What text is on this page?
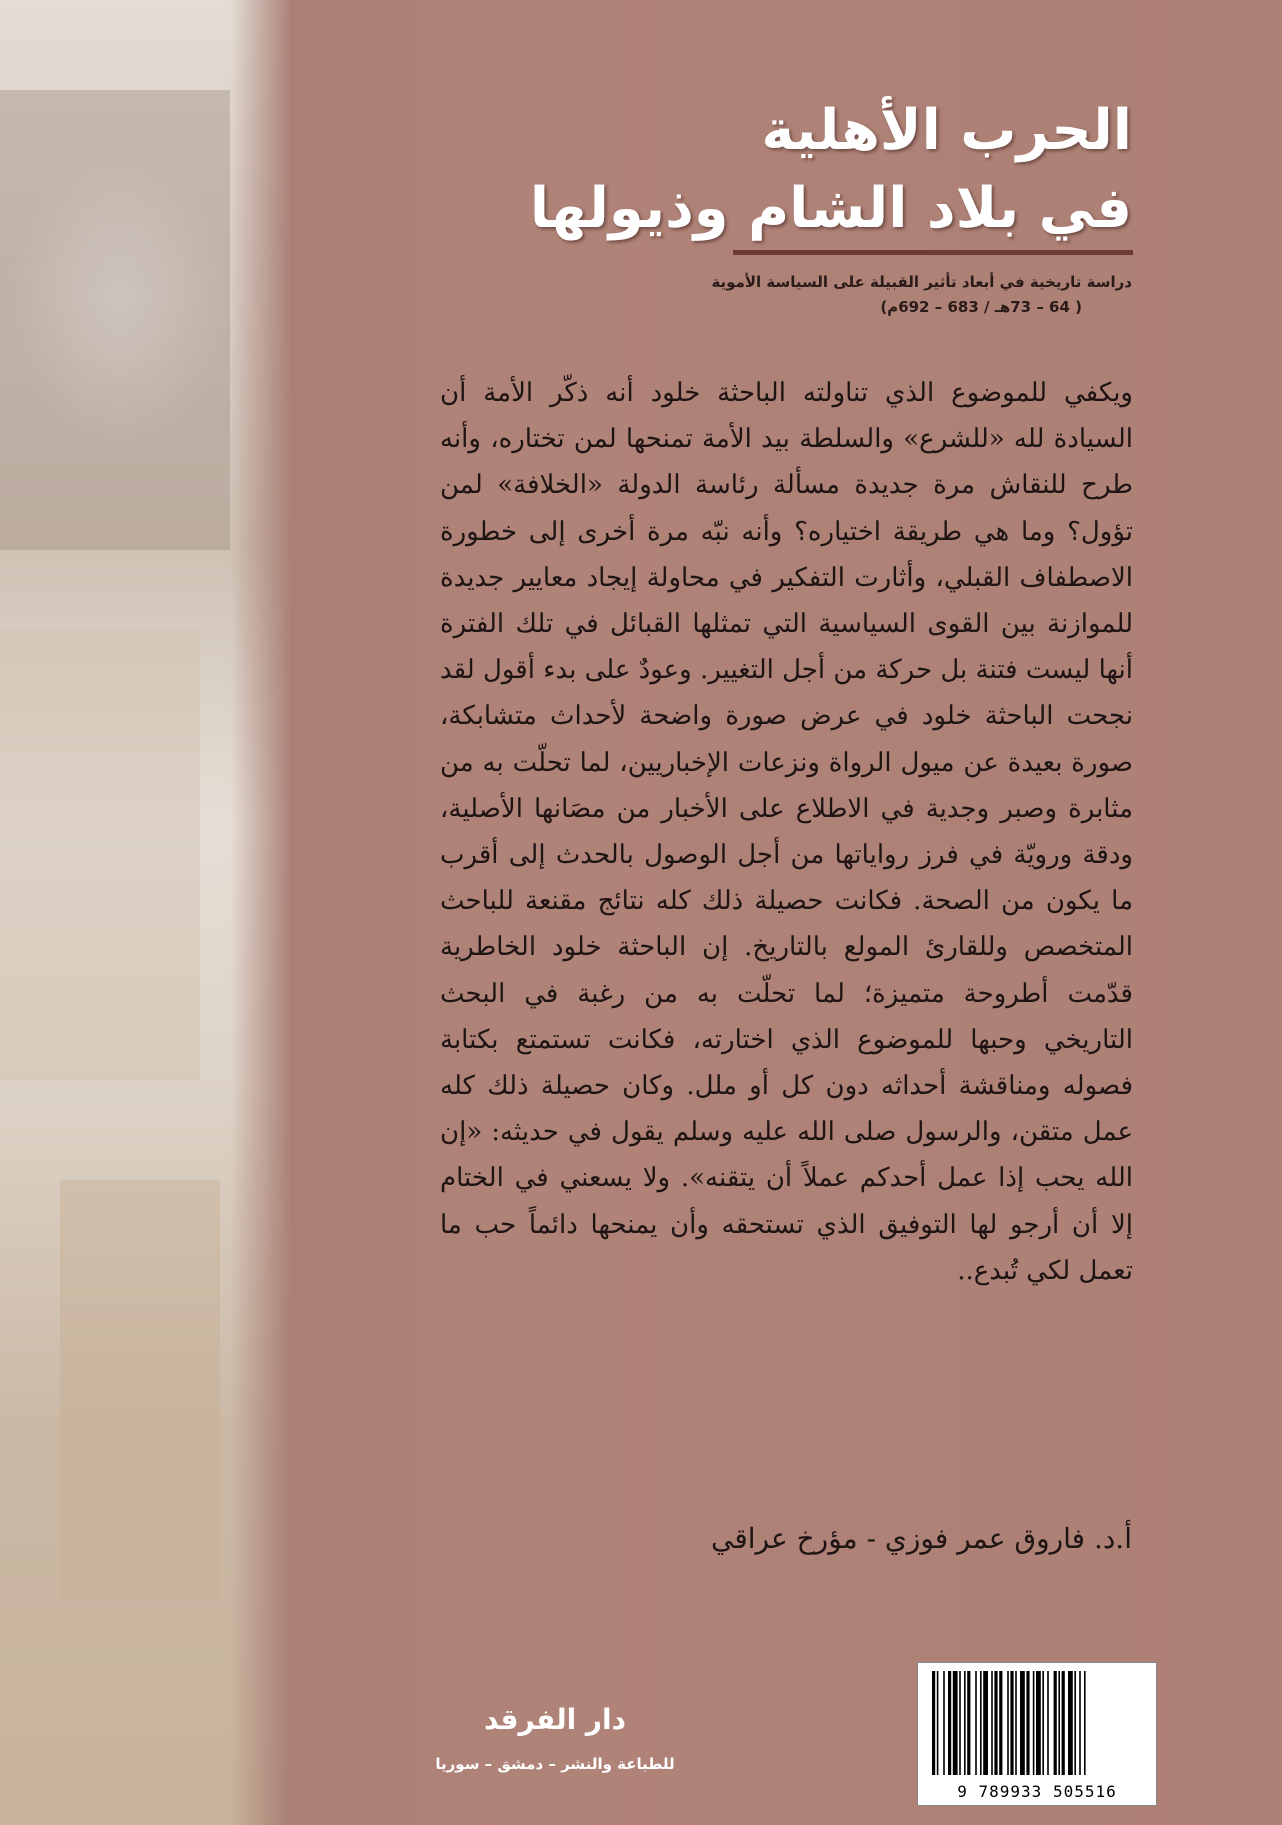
الحرب الأهلية
في بلاد الشام وذيولها
دراسة تاريخية في أبعاد تأثير القبيلة على السياسة الأموية
( 64 – 73هـ / 683 – 692م)
ويكفي للموضوع الذي تناولته الباحثة خلود أنه ذكّر الأمة أن السيادة لله «للشرع» والسلطة بيد الأمة تمنحها لمن تختاره، وأنه طرح للنقاش مرة جديدة مسألة رئاسة الدولة «الخلافة» لمن تؤول؟ وما هي طريقة اختياره؟ وأنه نبّه مرة أخرى إلى خطورة الاصطفاف القبلي، وأثارت التفكير في محاولة إيجاد معايير جديدة للموازنة بين القوى السياسية التي تمثلها القبائل في تلك الفترة أنها ليست فتنة بل حركة من أجل التغيير. وعودٌ على بدء أقول لقد نجحت الباحثة خلود في عرض صورة واضحة لأحداث متشابكة، صورة بعيدة عن ميول الرواة ونزعات الإخباريين، لما تحلّت به من مثابرة وصبر وجدية في الاطلاع على الأخبار من مصَانها الأصلية، ودقة ورويّة في فرز رواياتها من أجل الوصول بالحدث إلى أقرب ما يكون من الصحة. فكانت حصيلة ذلك كله نتائج مقنعة للباحث المتخصص وللقارئ المولع بالتاريخ. إن الباحثة خلود الخاطرية قدّمت أطروحة متميزة؛ لما تحلّت به من رغبة في البحث التاريخي وحبها للموضوع الذي اختارته، فكانت تستمتع بكتابة فصوله ومناقشة أحداثه دون كل أو ملل. وكان حصيلة ذلك كله عمل متقن، والرسول صلى الله عليه وسلم يقول في حديثه: «إن الله يحب إذا عمل أحدكم عملاً أن يتقنه». ولا يسعني في الختام إلا أن أرجو لها التوفيق الذي تستحقه وأن يمنحها دائماً حب ما تعمل لكي تُبدع..
أ.د. فاروق عمر فوزي - مؤرخ عراقي
دار الفرقد
للطباعة والنشر – دمشق – سوريا
9 789933 505516
